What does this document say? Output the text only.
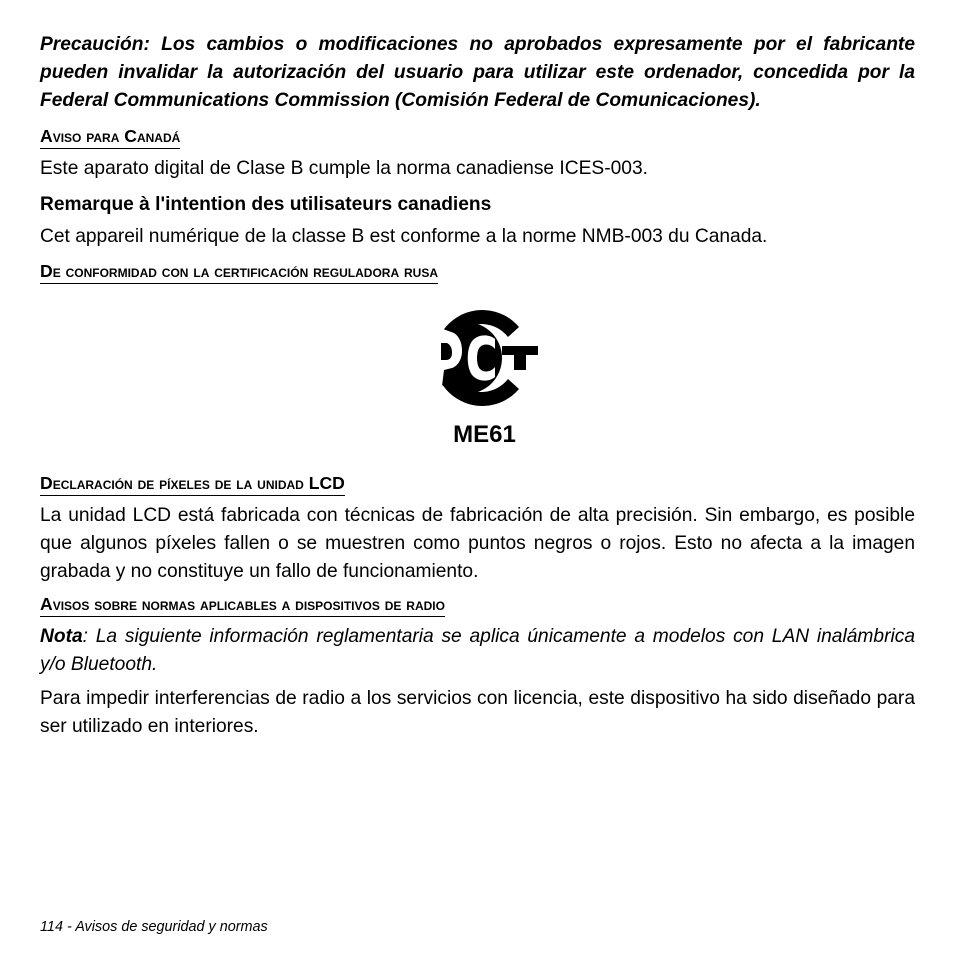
Precaución: Los cambios o modificaciones no aprobados expresamente por el fabricante pueden invalidar la autorización del usuario para utilizar este ordenador, concedida por la Federal Communications Commission (Comisión Federal de Comunicaciones).

Aviso para Canadá

Este aparato digital de Clase B cumple la norma canadiense ICES-003.

Remarque à l'intention des utilisateurs canadiens

Cet appareil numérique de la classe B est conforme a la norme NMB-003 du Canada.

De conformidad con la certificación reguladora rusa

ME61

Declaración de píxeles de la unidad LCD

La unidad LCD está fabricada con técnicas de fabricación de alta precisión. Sin embargo, es posible que algunos píxeles fallen o se muestren como puntos negros o rojos. Esto no afecta a la imagen grabada y no constituye un fallo de funcionamiento.

Avisos sobre normas aplicables a dispositivos de radio

Nota: La siguiente información reglamentaria se aplica únicamente a modelos con LAN inalámbrica y/o Bluetooth.

Para impedir interferencias de radio a los servicios con licencia, este dispositivo ha sido diseñado para ser utilizado en interiores.

114 - Avisos de seguridad y normas
